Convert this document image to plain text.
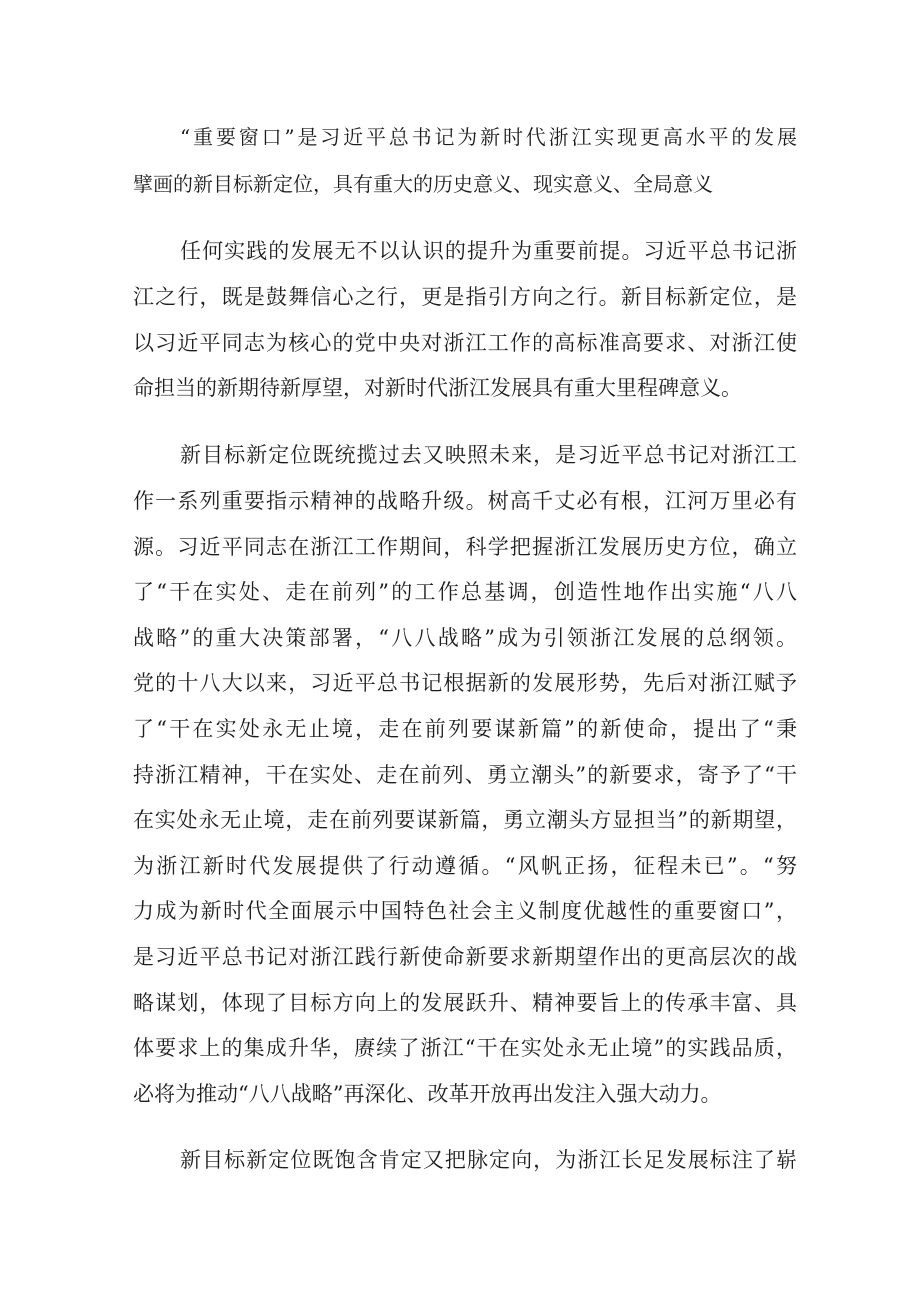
“重要窗口”是习近平总书记为新时代浙江实现更高水平的发展
擘画的新目标新定位，具有重大的历史意义、现实意义、全局意义
任何实践的发展无不以认识的提升为重要前提。习近平总书记浙
江之行，既是鼓舞信心之行，更是指引方向之行。新目标新定位，是
以习近平同志为核心的党中央对浙江工作的高标准高要求、对浙江使
命担当的新期待新厚望，对新时代浙江发展具有重大里程碑意义。
新目标新定位既统揽过去又映照未来，是习近平总书记对浙江工
作一系列重要指示精神的战略升级。树高千丈必有根，江河万里必有
源。习近平同志在浙江工作期间，科学把握浙江发展历史方位，确立
了“干在实处、走在前列”的工作总基调，创造性地作出实施“八八
战略”的重大决策部署，“八八战略”成为引领浙江发展的总纲领。
党的十八大以来，习近平总书记根据新的发展形势，先后对浙江赋予
了“干在实处永无止境，走在前列要谋新篇”的新使命，提出了“秉
持浙江精神，干在实处、走在前列、勇立潮头”的新要求，寄予了“干
在实处永无止境，走在前列要谋新篇，勇立潮头方显担当”的新期望，
为浙江新时代发展提供了行动遵循。“风帆正扬，征程未已”。“努
力成为新时代全面展示中国特色社会主义制度优越性的重要窗口”，
是习近平总书记对浙江践行新使命新要求新期望作出的更高层次的战
略谋划，体现了目标方向上的发展跃升、精神要旨上的传承丰富、具
体要求上的集成升华，赓续了浙江“干在实处永无止境”的实践品质，
必将为推动“八八战略”再深化、改革开放再出发注入强大动力。
新目标新定位既饱含肯定又把脉定向，为浙江长足发展标注了崭
